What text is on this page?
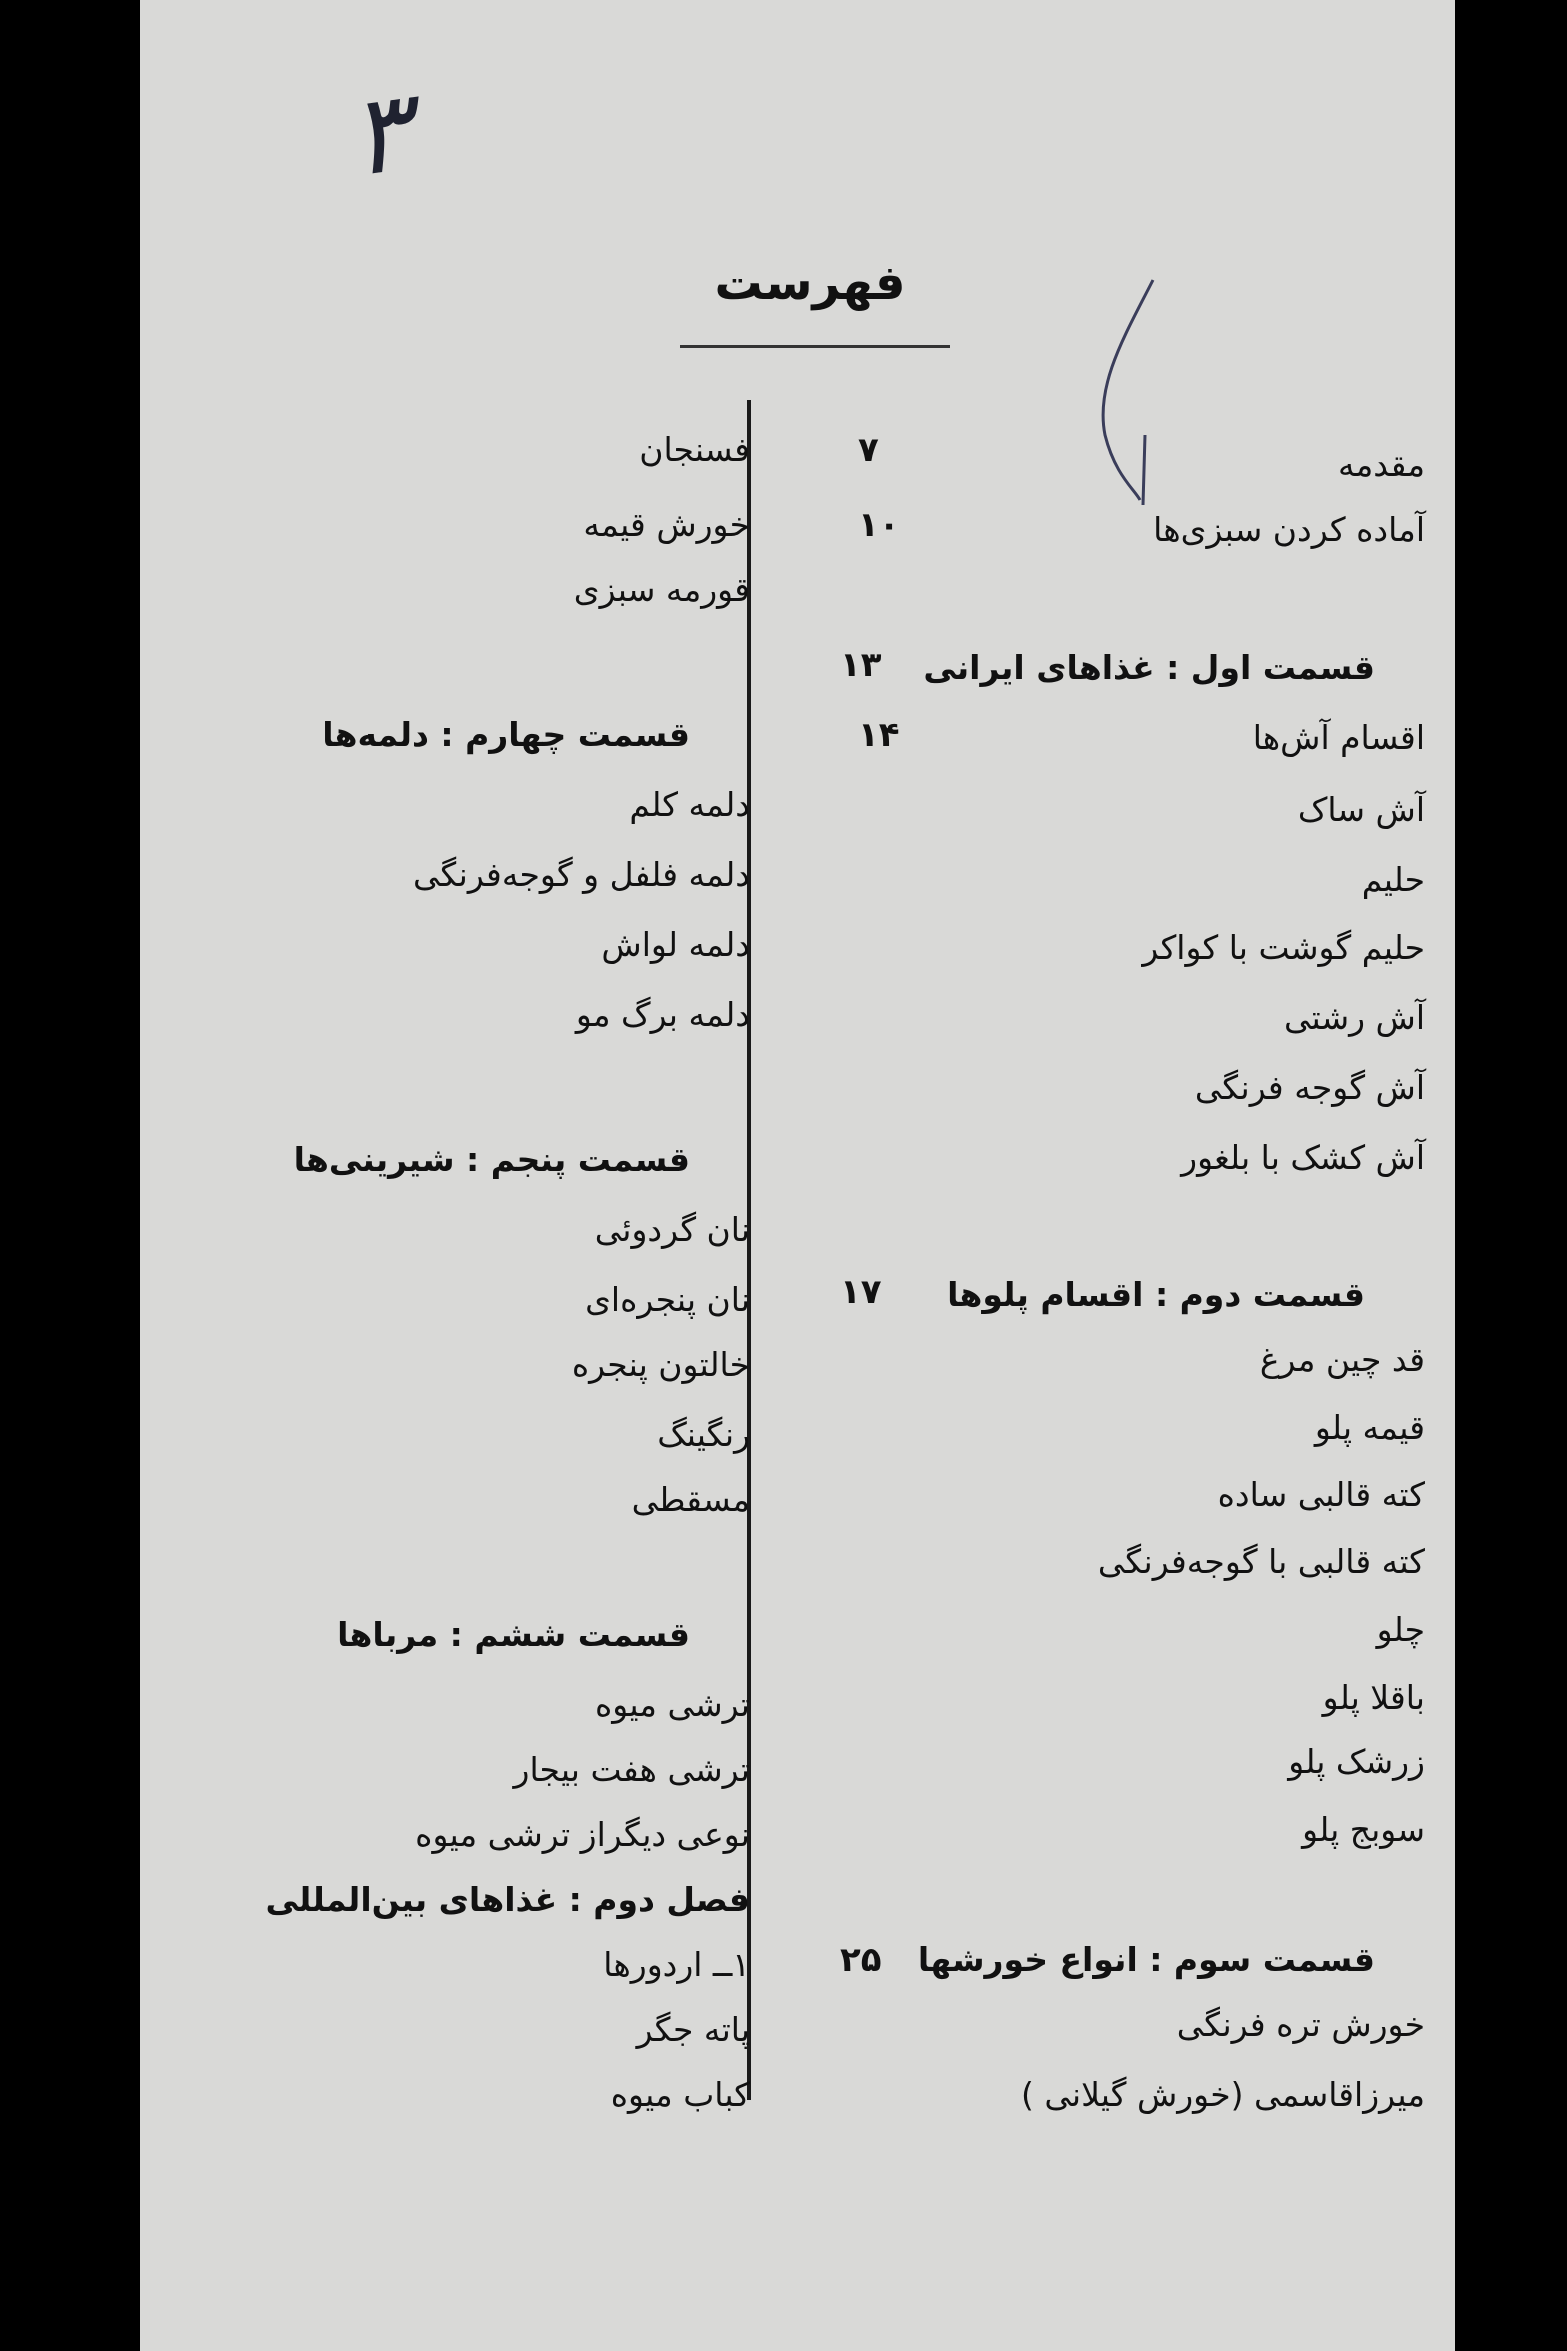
۳
فهرست
مقدمه
۷
آماده کردن سبزی‌ها
۱۰
قسمت اول : غذاهای ایرانی
۱۳
اقسام آش‌ها
۱۴
آش ساک
حلیم
حلیم گوشت با کواکر
آش رشتی
آش گوجه فرنگی
آش کشک با بلغور
قسمت دوم : اقسام پلوها
۱۷
قد چین مرغ
قیمه پلو
کته قالبی ساده
کته قالبی با گوجه‌فرنگی
چلو
باقلا پلو
زرشک پلو
سوبج پلو
قسمت سوم : انواع خورشها
۲۵
خورش تره فرنگی
میرزاقاسمی (خورش گیلانی )
فسنجان
خورش قیمه
قورمه سبزی
قسمت چهارم : دلمه‌ها
دلمه کلم
دلمه فلفل و گوجه‌فرنگی
دلمه لواش
دلمه برگ مو
قسمت پنجم : شیرینی‌ها
نان گردوئی
نان پنجره‌ای
خالتون پنجره
رنگینگ
مسقطی
قسمت ششم : مرباها
ترشی میوه
ترشی هفت بیجار
نوعی دیگراز ترشی میوه
فصل دوم : غذاهای بین‌المللی
۱ــ اردورها
پاته جگر
کباب میوه
